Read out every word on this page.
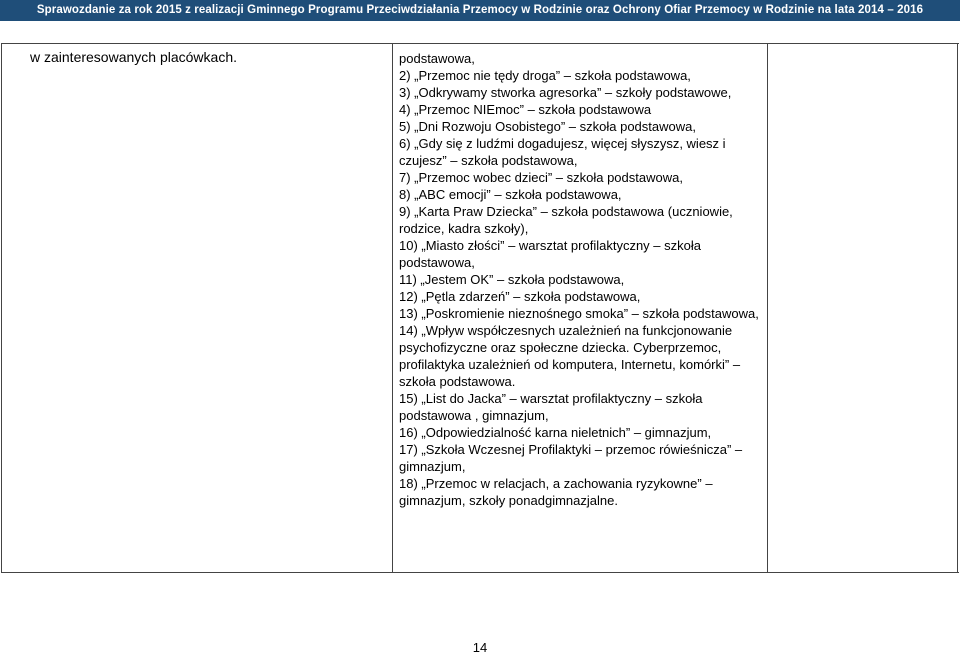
Sprawozdanie za rok 2015 z realizacji Gminnego Programu Przeciwdziałania Przemocy w Rodzinie oraz Ochrony Ofiar Przemocy w Rodzinie na lata 2014 – 2016
w zainteresowanych placówkach.	podstawowa,
2) „Przemoc nie tędy droga” – szkoła podstawowa,
3) „Odkrywamy stworka agresorka” – szkoły podstawowe,
4) „Przemoc NIEmoc” – szkoła podstawowa
5) „Dni Rozwoju Osobistego” – szkoła podstawowa,
6) „Gdy się z ludźmi dogadujesz, więcej słyszysz, wiesz i
czujesz” – szkoła podstawowa,
7) „Przemoc wobec dzieci” – szkoła podstawowa,
8) „ABC emocji” – szkoła podstawowa,
9) „Karta Praw Dziecka” – szkoła podstawowa (uczniowie,
rodzice, kadra szkoły),
10) „Miasto złości” – warsztat profilaktyczny – szkoła
podstawowa,
11) „Jestem OK” – szkoła podstawowa,
12) „Pętla zdarzeń” – szkoła podstawowa,
13) „Poskromienie nieznośnego smoka” – szkoła podstawowa,
14) „Wpływ współczesnych uzależnień na funkcjonowanie
psychofizyczne oraz społeczne dziecka. Cyberprzemoc,
profilaktyka uzależnień od komputera, Internetu, komórki” –
szkoła podstawowa.
15) „List do Jacka” – warsztat profilaktyczny – szkoła
podstawowa , gimnazjum,
16) „Odpowiedzialność karna nieletnich” – gimnazjum,
17) „Szkoła Wczesnej Profilaktyki – przemoc rówieśnicza” –
gimnazjum,
18) „Przemoc w relacjach, a zachowania ryzykowne” –
gimnazjum, szkoły ponadgimnazjalne.
14
